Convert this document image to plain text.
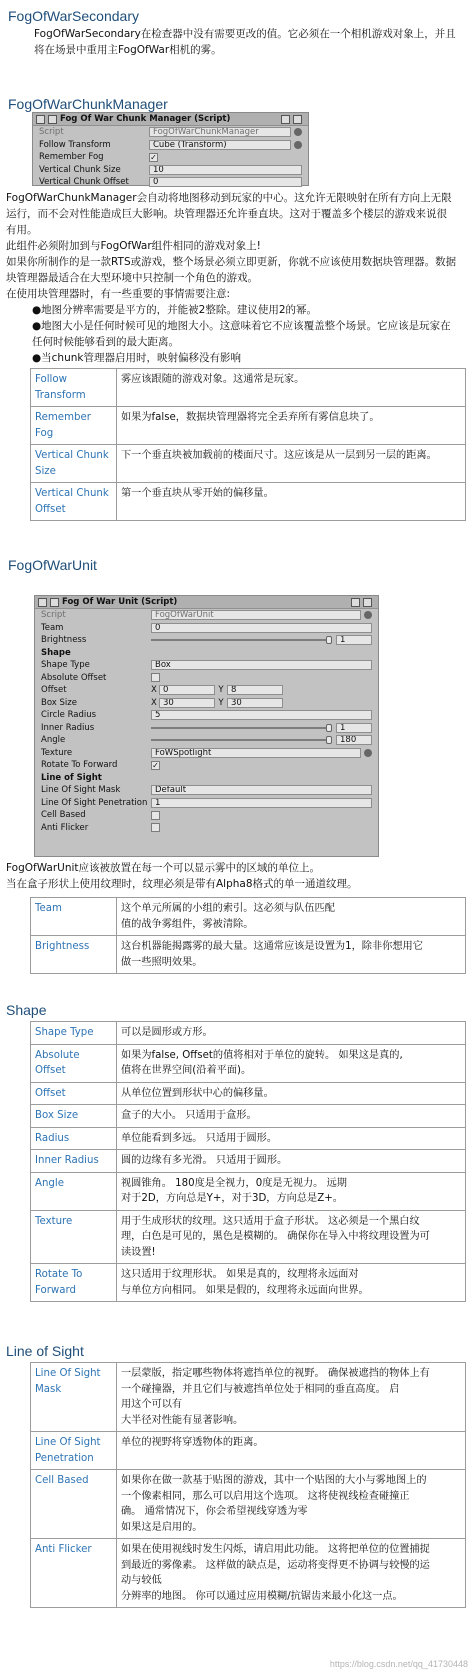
FogOfWarSecondary
FogOfWarSecondary在检查器中没有需要更改的值。它必须在一个相机游戏对象上，并且
将在场景中重用主FogOfWar相机的雾。
FogOfWarChunkManager
Fog Of War Chunk Manager (Script)
Script	FogOfWarChunkManager
Follow Transform	Cube (Transform)
Remember Fog	✓
Vertical Chunk Size	10
Vertical Chunk Offset	0
FogOfWarChunkManager会自动将地图移动到玩家的中心。这允许无限映射在所有方向上无限
运行，而不会对性能造成巨大影响。块管理器还允许垂直块。这对于覆盖多个楼层的游戏来说很
有用。
此组件必须附加到与FogOfWar组件相同的游戏对象上!
如果你所制作的是一款RTS或游戏，整个场景必须立即更新，你就不应该使用数据块管理器。数据
块管理器最适合在大型环境中只控制一个角色的游戏。
在使用块管理器时，有一些重要的事情需要注意:
●地图分辨率需要是平方的，并能被2整除。建议使用2的幂。
●地图大小是任何时候可见的地图大小。这意味着它不应该覆盖整个场景。它应该是玩家在
任何时候能够看到的最大距离。
●当chunk管理器启用时，映射偏移没有影响
Follow Transform	雾应该跟随的游戏对象。这通常是玩家。

Remember Fog	如果为false，数据块管理器将完全丢弃所有雾信息块了。

Vertical Chunk
Size	下一个垂直块被加载前的楼面尺寸。这应该是从一层到另一层的距离。

Vertical Chunk
Offset	第一个垂直块从零开始的偏移量。
FogOfWarUnit
Fog Of War Unit (Script)
Script	FogOfWarUnit
Team	0
Brightness	1
Shape
Shape Type	Box
Absolute Offset
Offset	X 0	Y 8
Box Size	X 30	Y 30
Circle Radius	5
Inner Radius	1
Angle	180
Texture	FoWSpotlight
Rotate To Forward	✓
Line of Sight
Line Of Sight Mask	Default
Line Of Sight Penetration 1
Cell Based
Anti Flicker
FogOfWarUnit应该被放置在每一个可以显示雾中的区域的单位上。
当在盒子形状上使用纹理时，纹理必须是带有Alpha8格式的单一通道纹理。
Team	这个单元所属的小组的索引。这必须与队伍匹配
值的战争雾组件，雾被清除。

Brightness	这台机器能揭露雾的最大量。这通常应该是设置为1，除非你想用它
做一些照明效果。
Shape
Shape Type	可以是圆形或方形。

Absolute Offset	如果为false, Offset的值将相对于单位的旋转。 如果这是真的,
值将在世界空间(沿着平面)。

Offset	从单位位置到形状中心的偏移量。

Box Size	盒子的大小。 只适用于盒形。

Radius	单位能看到多远。 只适用于圆形。

Inner Radius	圆的边缘有多光滑。 只适用于圆形。

Angle	视圆锥角。 180度是全视力，0度是无视力。 远期
对于2D，方向总是Y+，对于3D，方向总是Z+。

Texture	用于生成形状的纹理。这只适用于盒子形状。 这必须是一个黑白纹
理，白色是可见的，黑色是模糊的。 确保你在导入中将纹理设置为可
读设置!

Rotate To Forward	这只适用于纹理形状。 如果是真的，纹理将永远面对
与单位方向相同。 如果是假的，纹理将永远面向世界。
Line of Sight
Line Of Sight Mask	一层蒙版，指定哪些物体将遮挡单位的视野。 确保被遮挡的物体上有
一个碰撞器，并且它们与被遮挡单位处于相同的垂直高度。 启
用这个可以有
大半径对性能有显著影响。

Line Of Sight
Penetration	单位的视野将穿透物体的距离。

Cell Based	如果你在做一款基于贴图的游戏，其中一个贴图的大小与雾地图上的
一个像素相同，那么可以启用这个选项。 这将使视线检查碰撞正
确。 通常情况下，你会希望视线穿透为零
如果这是启用的。

Anti Flicker	如果在使用视线时发生闪烁，请启用此功能。 这将把单位的位置捕捉
到最近的雾像素。 这样做的缺点是，运动将变得更不协调与较慢的运
动与较低
分辨率的地图。 你可以通过应用模糊/抗锯齿来最小化这一点。
https://blog.csdn.net/qq_41730448
